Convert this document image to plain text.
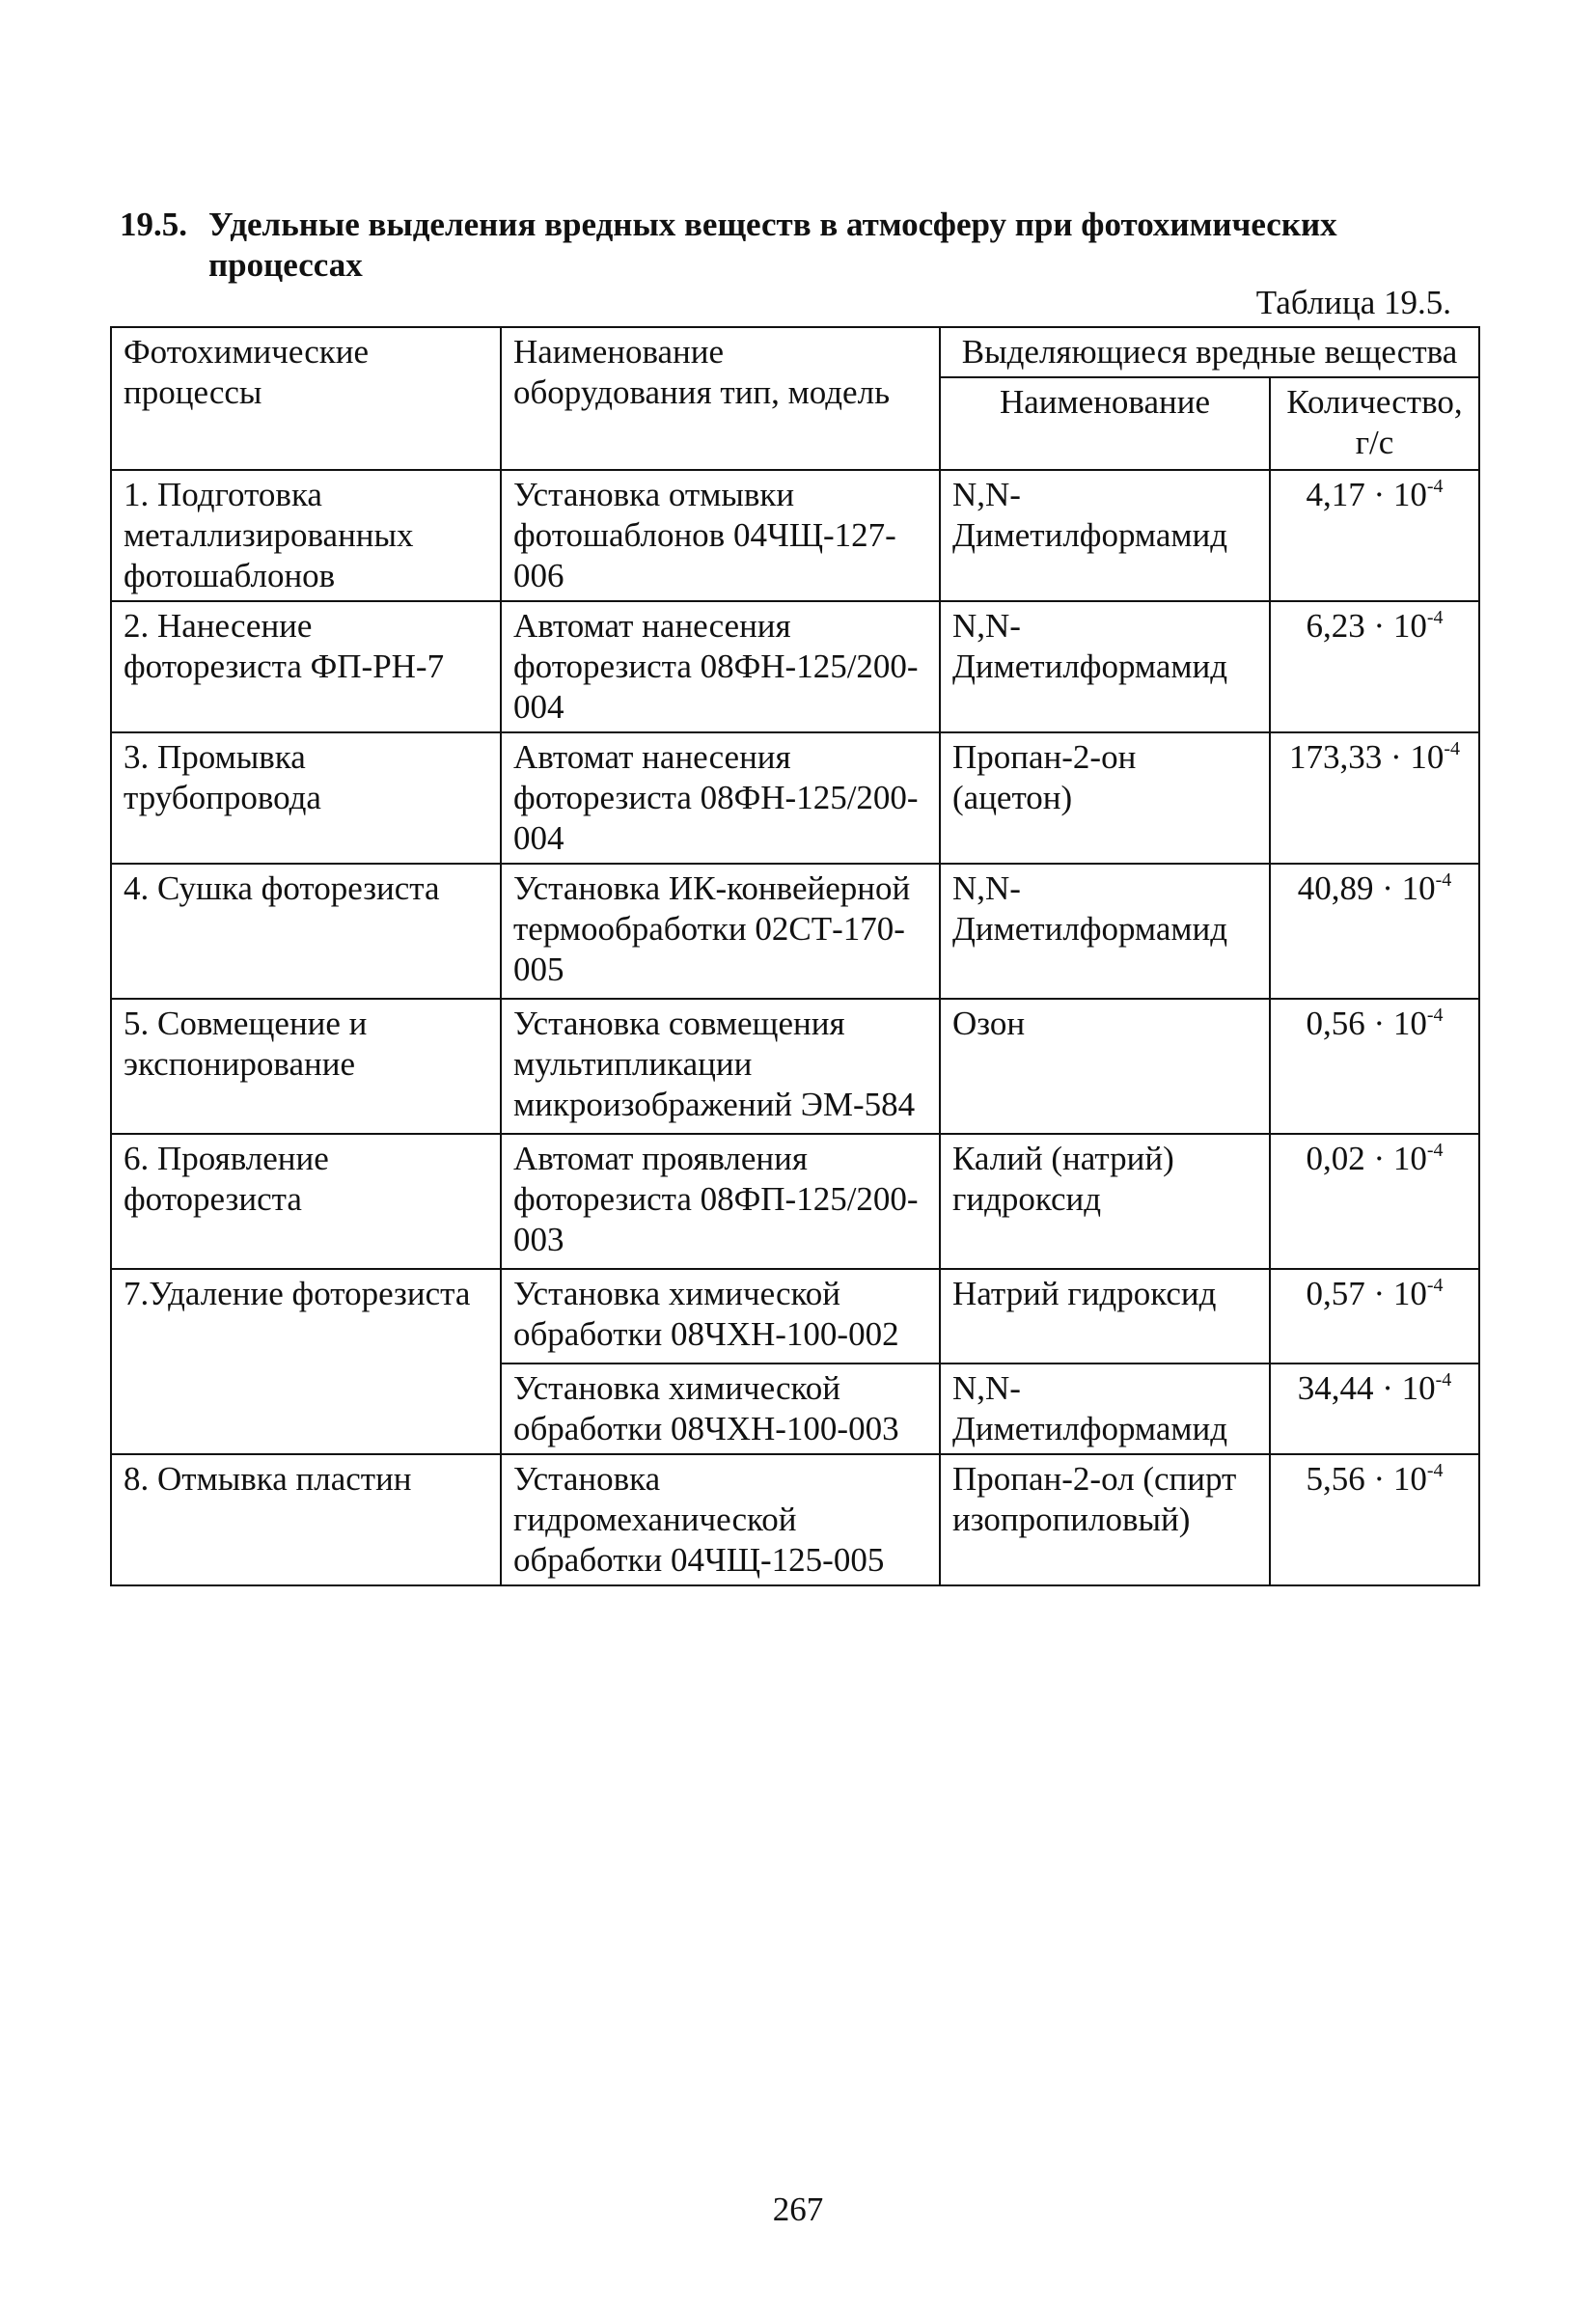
19.5. Удельные выделения вредных веществ в атмосферу при фотохимических
процессах
Таблица 19.5.
Фотохимические процессы	Наименование оборудования тип, модель	Выделяющиеся вредные вещества	
		Наименование	Количество, г/с
1. Подготовка металлизированных фотошаблонов	Установка отмывки фотошаблонов 04ЧЩ-127-006	N,N-Диметилформамид	$4,17 \cdot 10^{-4}$
2. Нанесение фоторезиста ФП-РН-7	Автомат нанесения фоторезиста 08ФН-125/200-004	N,N-Диметилформамид	$6,23 \cdot 10^{-4}$
3. Промывка трубопровода	Автомат нанесения фоторезиста 08ФН-125/200-004	Пропан-2-он (ацетон)	$173,33 \cdot 10^{-4}$
4. Сушка фоторезиста	Установка ИК-конвейерной термообработки 02СТ-170-005	N,N-Диметилформамид	$40,89 \cdot 10^{-4}$
5. Совмещение и экспонирование	Установка совмещения мультипликации микроизображений ЭМ-584	Озон	$0,56 \cdot 10^{-4}$
6. Проявление фоторезиста	Автомат проявления фоторезиста 08ФП-125/200-003	Калий (натрий) гидроксид	$0,02 \cdot 10^{-4}$
7.Удаление фоторезиста	Установка химической обработки 08ЧХН-100-002	Натрий гидроксид	$0,57 \cdot 10^{-4}$
	Установка химической обработки 08ЧХН-100-003	N,N-Диметилформамид	$34,44 \cdot 10^{-4}$
8. Отмывка пластин	Установка гидромеханической обработки 04ЧЩ-125-005	Пропан-2-ол (спирт изопропиловый)	$5,56 \cdot 10^{-4}$
267
